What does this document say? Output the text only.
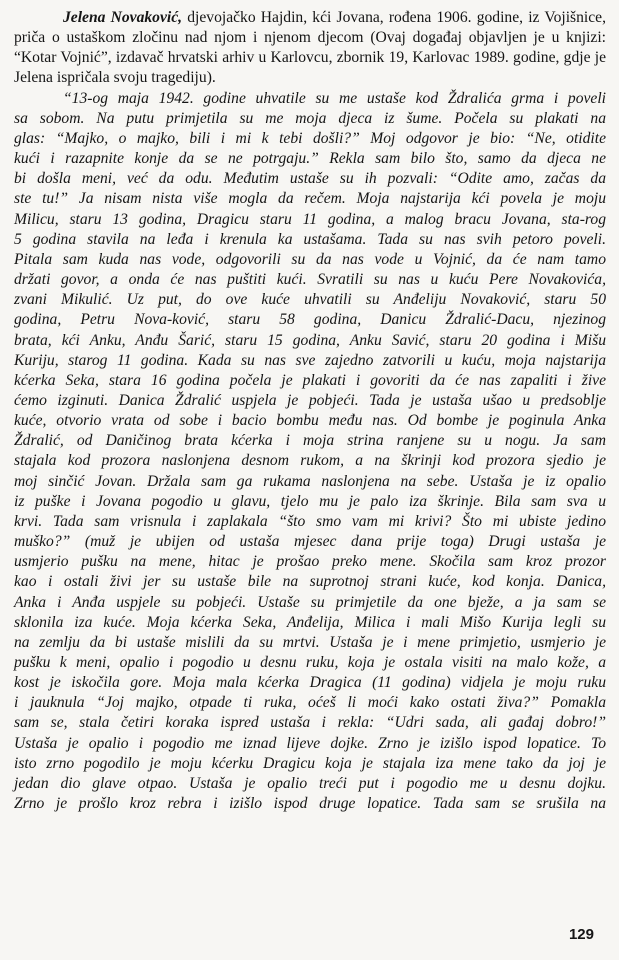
Jelena Novaković, djevojačko Hajdin, kći Jovana, rođena 1906. godine, iz Vojišnice, priča o ustaškom zločinu nad njom i njenom djecom (Ovaj događaj objavljen je u knjizi: “Kotar Vojnić”, izdavač hrvatski arhiv u Karlovcu, zbornik 19, Karlovac 1989. godine, gdje je Jelena ispričala svoju tragediju).

“13-og maja 1942. godine uhvatile su me ustaše kod Ždralića grma i poveli
sa sobom. Na putu primjetila su me moja djeca iz šume. Počela su plakati na
glas: “Majko, o majko, bili i mi k tebi došli?” Moj odgovor je bio: “Ne, otidite
kući i razapnite konje da se ne potrgaju.” Rekla sam bilo što, samo da djeca ne
bi došla meni, već da odu. Međutim ustaše su ih pozvali: “Odite amo, začas da
ste tu!” Ja nisam nista više mogla da rečem. Moja najstarija kći povela je moju
Milicu, staru 13 godina, Dragicu staru 11 godina, a malog bracu Jovana, sta-rog
5 godina stavila na leđa i krenula ka ustašama. Tada su nas svih petoro poveli.
Pitala sam kuda nas vode, odgovorili su da nas vode u Vojnić, da će nam tamo
držati govor, a onda će nas puštiti kući. Svratili su nas u kuću Pere Novakovića,
zvani Mikulić. Uz put, do ove kuće uhvatili su Anđeliju Novaković, staru 50
godina, Petru Nova-ković, staru 58 godina, Danicu Ždralić-Dacu, njezinog
brata, kći Anku, Anđu Šarić, staru 15 godina, Anku Savić, staru 20 godina i Mišu
Kuriju, starog 11 godina. Kada su nas sve zajedno zatvorili u kuću, moja najstarija
kćerka Seka, stara 16 godina počela je plakati i govoriti da će nas zapaliti i žive
ćemo izginuti. Danica Ždralić uspjela je pobjeći. Tada je ustaša ušao u predsoblje
kuće, otvorio vrata od sobe i bacio bombu među nas. Od bombe je poginula Anka
Ždralić, od Daničinog brata kćerka i moja strina ranjene su u nogu. Ja sam
stajala kod prozora naslonjena desnom rukom, a na škrinji kod prozora sjedio je
moj sinčić Jovan. Držala sam ga rukama naslonjena na sebe. Ustaša je iz opalio
iz puške i Jovana pogodio u glavu, tjelo mu je palo iza škrinje. Bila sam sva u
krvi. Tada sam vrisnula i zaplakala “što smo vam mi krivi? Što mi ubiste jedino
muško?” (muž je ubijen od ustaša mjesec dana prije toga) Drugi ustaša je
usmjerio pušku na mene, hitac je prošao preko mene. Skočila sam kroz prozor
kao i ostali živi jer su ustaše bile na suprotnoj strani kuće, kod konja. Danica,
Anka i Anđa uspjele su pobjeći. Ustaše su primjetile da one bježe, a ja sam se
sklonila iza kuće. Moja kćerka Seka, Anđelija, Milica i mali Mišo Kurija legli su
na zemlju da bi ustaše mislili da su mrtvi. Ustaša je i mene primjetio, usmjerio je
pušku k meni, opalio i pogodio u desnu ruku, koja je ostala visiti na malo kože, a
kost je iskočila gore. Moja mala kćerka Dragica (11 godina) vidjela je moju ruku
i jauknula “Joj majko, otpade ti ruka, oćeš li moći kako ostati živa?” Pomakla
sam se, stala četiri koraka ispred ustaša i rekla: “Udri sada, ali gađaj dobro!”
Ustaša je opalio i pogodio me iznad lijeve dojke. Zrno je izišlo ispod lopatice. To
isto zrno pogodilo je moju kćerku Dragicu koja je stajala iza mene tako da joj je
jedan dio glave otpao. Ustaša je opalio treći put i pogodio me u desnu dojku.
Zrno je prošlo kroz rebra i izišlo ispod druge lopatice. Tada sam se srušila na
129
